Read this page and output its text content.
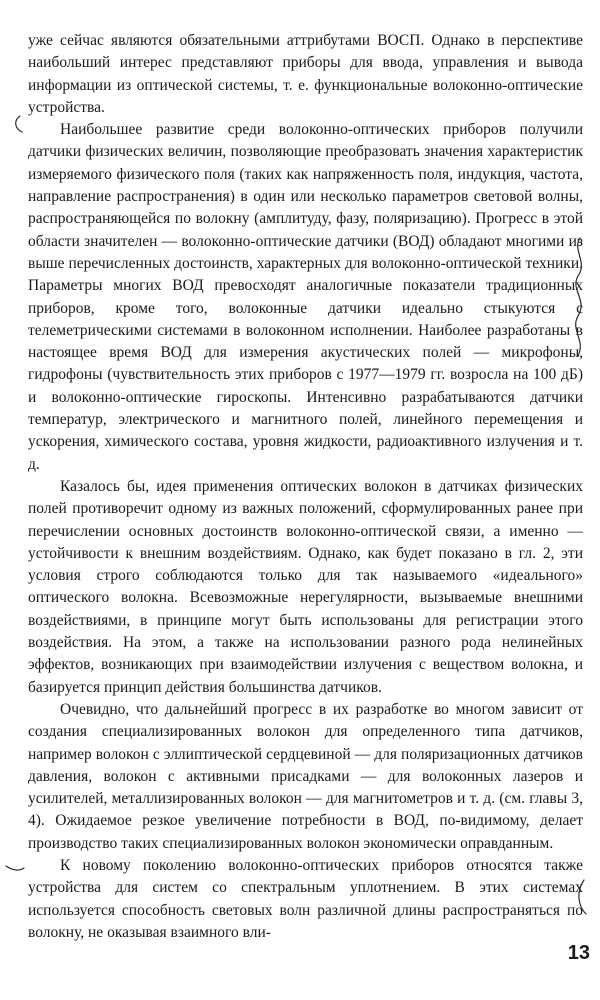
уже сейчас являются обязательными аттрибутами ВОСП. Однако в перспективе наибольший интерес представляют приборы для ввода, управления и вывода информации из оптической системы, т. е. функциональные волоконно-оптические устройства.

Наибольшее развитие среди волоконно-оптических приборов получили датчики физических величин, позволяющие преобразовать значения характеристик измеряемого физического поля (таких как напряженность поля, индукция, частота, направление распространения) в один или несколько параметров световой волны, распространяющейся по волокну (амплитуду, фазу, поляризацию). Прогресс в этой области значителен — волоконно-оптические датчики (ВОД) обладают многими из выше перечисленных достоинств, характерных для волоконно-оптической техники. Параметры многих ВОД превосходят аналогичные показатели традиционных приборов, кроме того, волоконные датчики идеально стыкуются с телеметрическими системами в волоконном исполнении. Наиболее разработаны в настоящее время ВОД для измерения акустических полей — микрофоны, гидрофоны (чувствительность этих приборов с 1977—1979 гг. возросла на 100 дБ) и волоконно-оптические гироскопы. Интенсивно разрабатываются датчики температур, электрического и магнитного полей, линейного перемещения и ускорения, химического состава, уровня жидкости, радиоактивного излучения и т. д.

Казалось бы, идея применения оптических волокон в датчиках физических полей противоречит одному из важных положений, сформулированных ранее при перечислении основных достоинств волоконно-оптической связи, а именно — устойчивости к внешним воздействиям. Однако, как будет показано в гл. 2, эти условия строго соблюдаются только для так называемого «идеального» оптического волокна. Всевозможные нерегулярности, вызываемые внешними воздействиями, в принципе могут быть использованы для регистрации этого воздействия. На этом, а также на использовании разного рода нелинейных эффектов, возникающих при взаимодействии излучения с веществом волокна, и базируется принцип действия большинства датчиков.

Очевидно, что дальнейший прогресс в их разработке во многом зависит от создания специализированных волокон для определенного типа датчиков, например волокон с эллиптической сердцевиной — для поляризационных датчиков давления, волокон с активными присадками — для волоконных лазеров и усилителей, металлизированных волокон — для магнитометров и т. д. (см. главы 3, 4). Ожидаемое резкое увеличение потребности в ВОД, по-видимому, делает производство таких специализированных волокон экономически оправданным.

К новому поколению волоконно-оптических приборов относятся также устройства для систем со спектральным уплотнением. В этих системах используется способность световых волн различной длины распространяться по волокну, не оказывая взаимного вли-

13
